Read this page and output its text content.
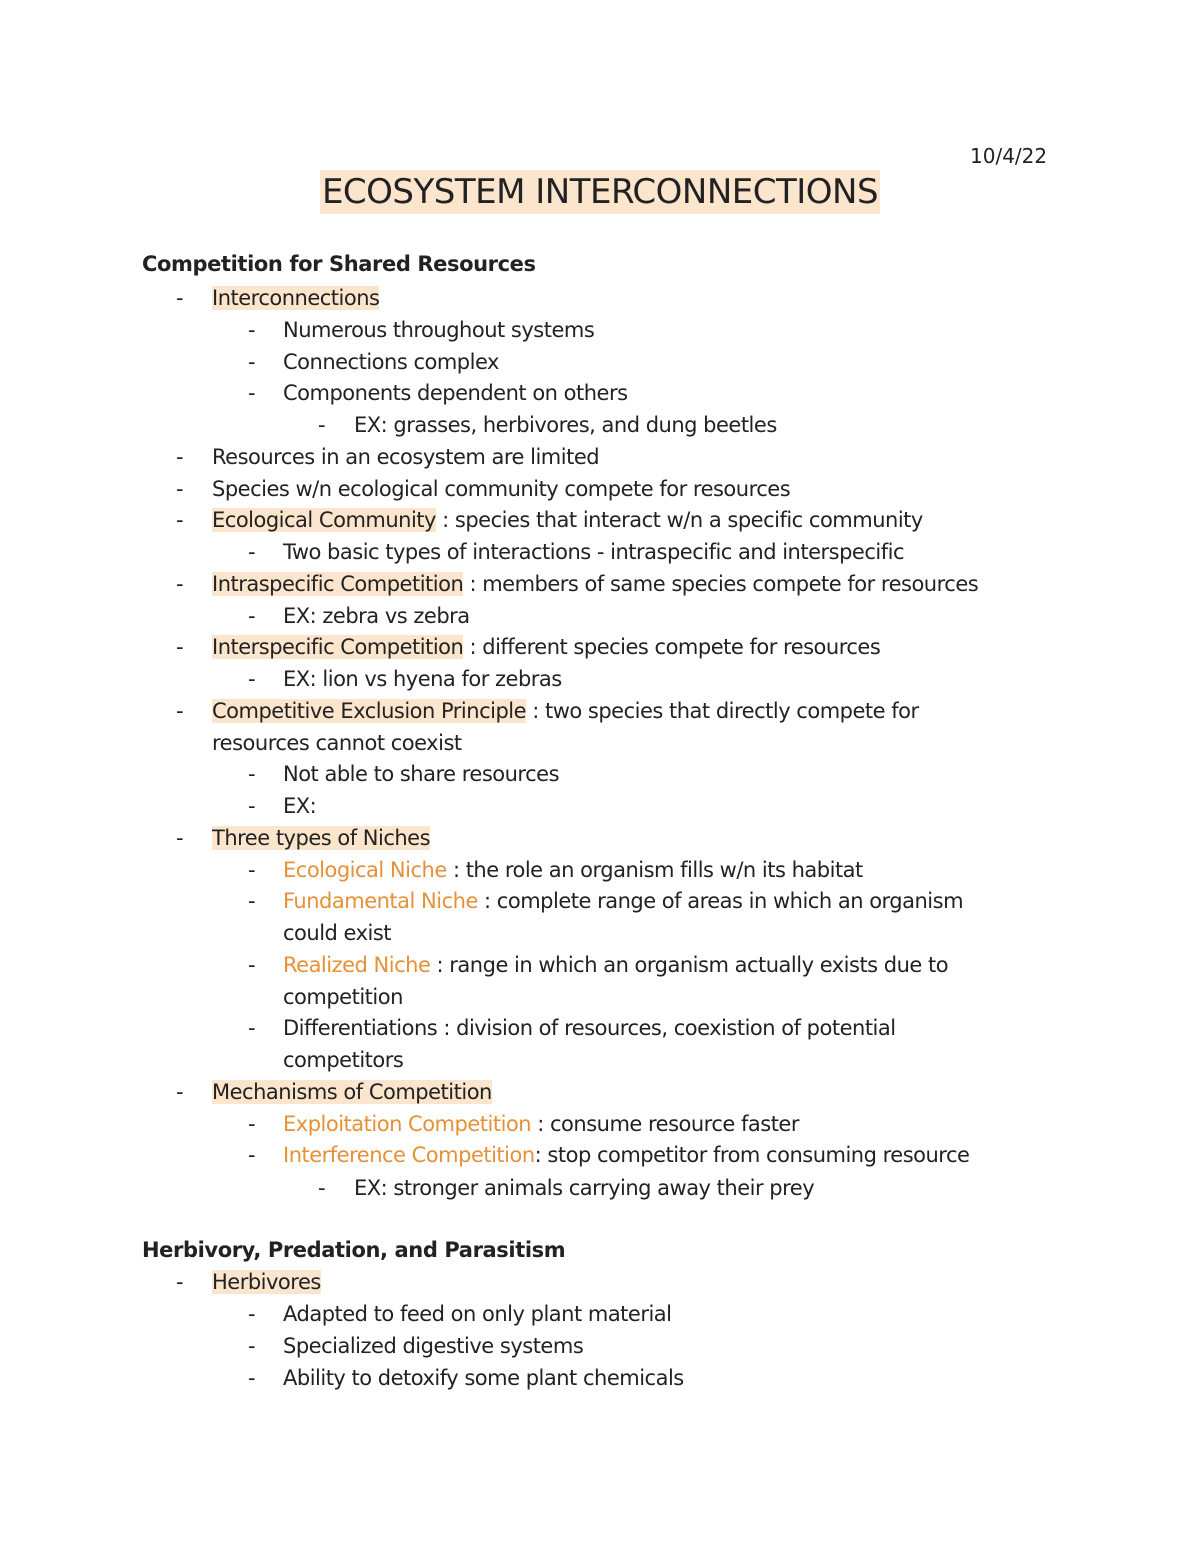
10/4/22
ECOSYSTEM INTERCONNECTIONS
Competition for Shared Resources
- Interconnections
- Numerous throughout systems
- Connections complex
- Components dependent on others
- EX: grasses, herbivores, and dung beetles
- Resources in an ecosystem are limited
- Species w/n ecological community compete for resources
- Ecological Community : species that interact w/n a specific community
- Two basic types of interactions - intraspecific and interspecific
- Intraspecific Competition : members of same species compete for resources
- EX: zebra vs zebra
- Interspecific Competition : different species compete for resources
- EX: lion vs hyena for zebras
- Competitive Exclusion Principle : two species that directly compete for
resources cannot coexist
- Not able to share resources
- EX:
- Three types of Niches
- Ecological Niche : the role an organism fills w/n its habitat
- Fundamental Niche : complete range of areas in which an organism
could exist
- Realized Niche : range in which an organism actually exists due to
competition
- Differentiations : division of resources, coexistion of potential
competitors
- Mechanisms of Competition
- Exploitation Competition : consume resource faster
- Interference Competition: stop competitor from consuming resource
- EX: stronger animals carrying away their prey
Herbivory, Predation, and Parasitism
- Herbivores
- Adapted to feed on only plant material
- Specialized digestive systems
- Ability to detoxify some plant chemicals
